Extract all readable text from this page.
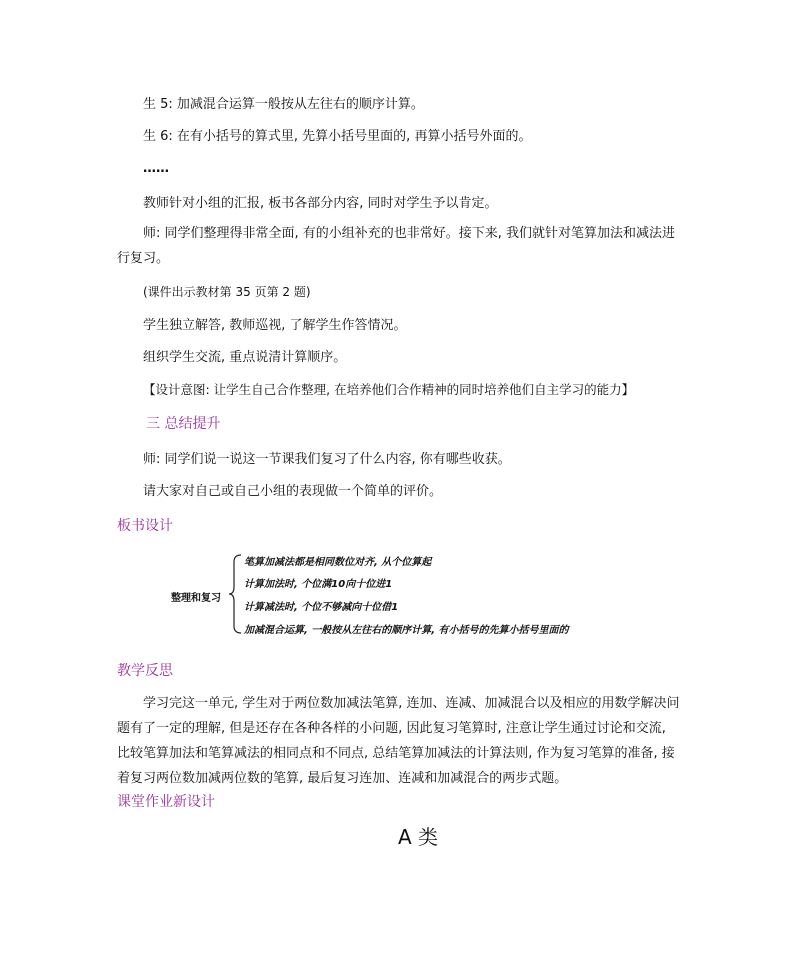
生 5: 加减混合运算一般按从左往右的顺序计算。
生 6: 在有小括号的算式里, 先算小括号里面的, 再算小括号外面的。
……
教师针对小组的汇报, 板书各部分内容, 同时对学生予以肯定。
师: 同学们整理得非常全面, 有的小组补充的也非常好。接下来, 我们就针对笔算加法和减法进行复习。
(课件出示教材第 35 页第 2 题)
学生独立解答, 教师巡视, 了解学生作答情况。
组织学生交流, 重点说清计算顺序。
【设计意图: 让学生自己合作整理, 在培养他们合作精神的同时培养他们自主学习的能力】
三 总结提升
师: 同学们说一说这一节课我们复习了什么内容, 你有哪些收获。
请大家对自己或自己小组的表现做一个简单的评价。
板书设计
整理和复习
笔算加减法都是相同数位对齐, 从个位算起
计算加法时, 个位满10向十位进1
计算减法时, 个位不够减向十位借1
加减混合运算, 一般按从左往右的顺序计算, 有小括号的先算小括号里面的
教学反思
学习完这一单元, 学生对于两位数加减法笔算, 连加、连减、加减混合以及相应的用数学解决问题有了一定的理解, 但是还存在各种各样的小问题, 因此复习笔算时, 注意让学生通过讨论和交流, 比较笔算加法和笔算减法的相同点和不同点, 总结笔算加减法的计算法则, 作为复习笔算的准备, 接着复习两位数加减两位数的笔算, 最后复习连加、连减和加减混合的两步式题。
课堂作业新设计
A 类
